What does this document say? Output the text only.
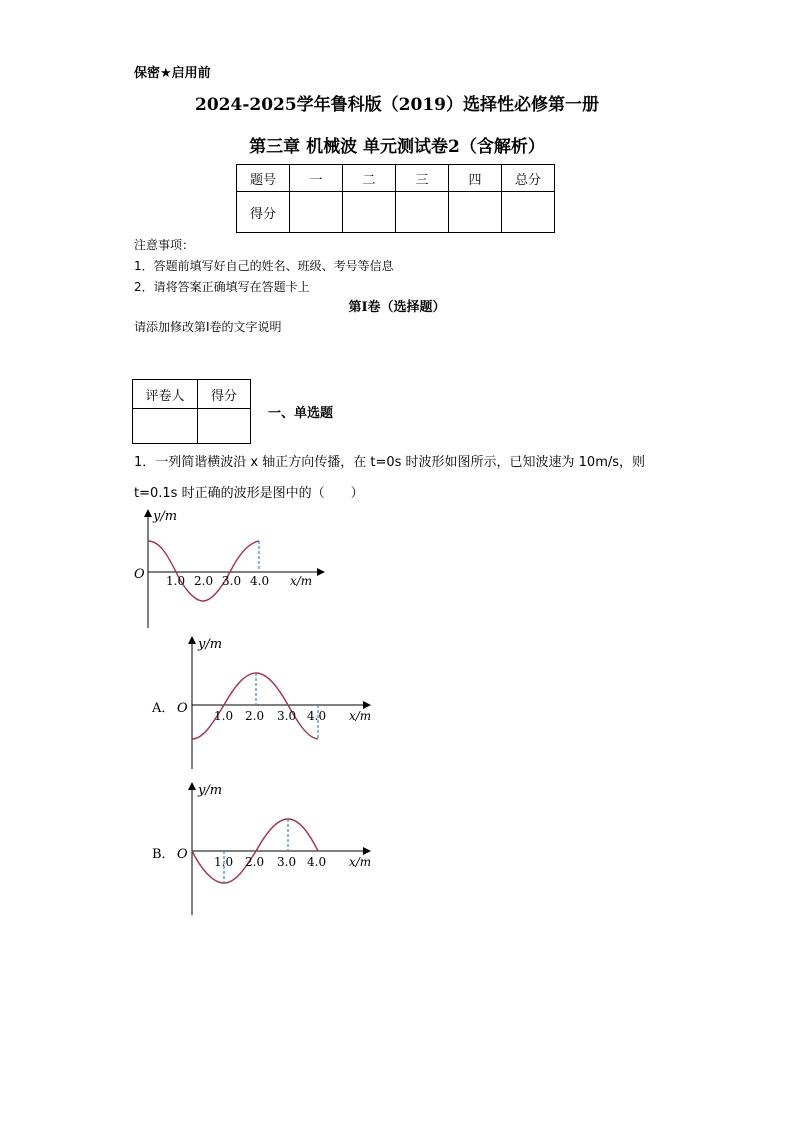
保密★启用前
2024-2025学年鲁科版（2019）选择性必修第一册
第三章 机械波 单元测试卷2（含解析）
题号	一	二	三	四	总分
得分					
注意事项：
1．答题前填写好自己的姓名、班级、考号等信息
2．请将答案正确填写在答题卡上
第I卷（选择题）
请添加修改第I卷的文字说明
评卷人	得分

一、单选题
1．一列简谐横波沿 x 轴正方向传播，在 t=0s 时波形如图所示，已知波速为 10m/s，则
t=0.1s 时正确的波形是图中的（　　）
y/m
O 1.0 2.0 3.0 4.0 x/m
A．
y/m
O 1.0 2.0 3.0 4.0 x/m
B．
y/m
O 1.0 2.0 3.0 4.0 x/m
